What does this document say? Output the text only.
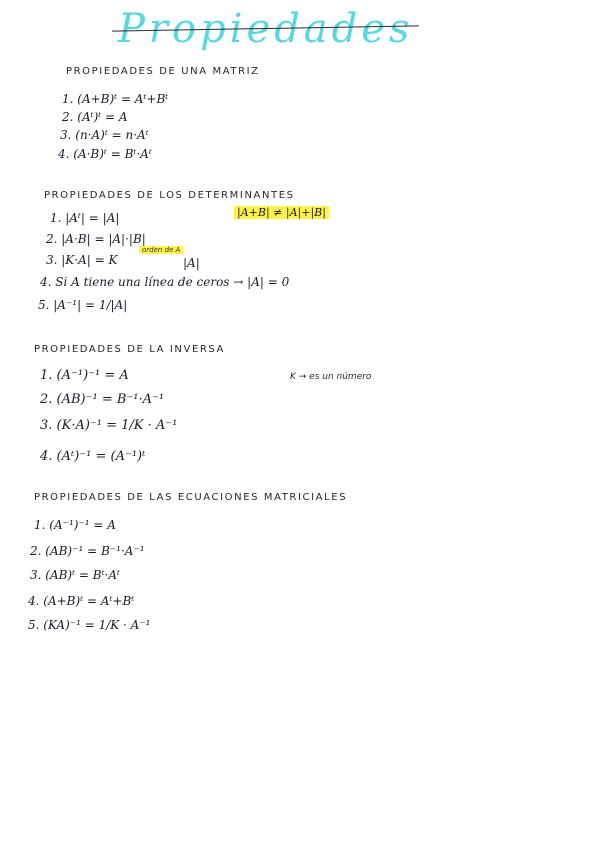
Propiedades
PROPIEDADES DE UNA MATRIZ
1. (A+B)ᵗ = Aᵗ+Bᵗ
2. (Aᵗ)ᵗ = A
3. (n·A)ᵗ = n·Aᵗ
4. (A·B)ᵗ = Bᵗ·Aᵗ
PROPIEDADES DE LOS DETERMINANTES
|A+B| ≠ |A|+|B|
1. |Aᵗ| = |A|
2. |A·B| = |A|·|B|
3. |K·A| = K
orden de A
|A|
4. Si A tiene una línea de ceros → |A| = 0
5. |A⁻¹| = 1/|A|
PROPIEDADES DE LA INVERSA
K → es un número
1. (A⁻¹)⁻¹ = A
2. (AB)⁻¹ = B⁻¹·A⁻¹
3. (K·A)⁻¹ = 1/K · A⁻¹
4. (Aᵗ)⁻¹ = (A⁻¹)ᵗ
PROPIEDADES DE LAS ECUACIONES MATRICIALES
1. (A⁻¹)⁻¹ = A
2. (AB)⁻¹ = B⁻¹·A⁻¹
3. (AB)ᵗ = Bᵗ·Aᵗ
4. (A+B)ᵗ = Aᵗ+Bᵗ
5. (KA)⁻¹ = 1/K · A⁻¹
